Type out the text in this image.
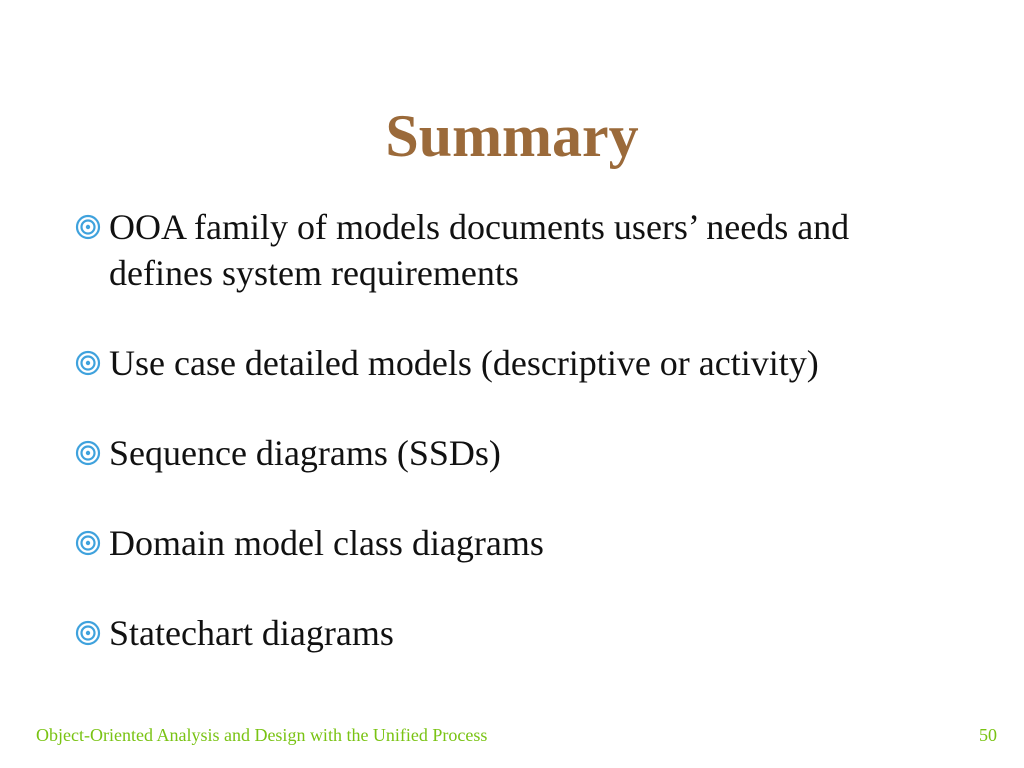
Summary
OOA family of models documents users’ needs and defines system requirements
Use case detailed models (descriptive or activity)
Sequence diagrams (SSDs)
Domain model class diagrams
Statechart diagrams
Object-Oriented Analysis and Design with the Unified Process	50
